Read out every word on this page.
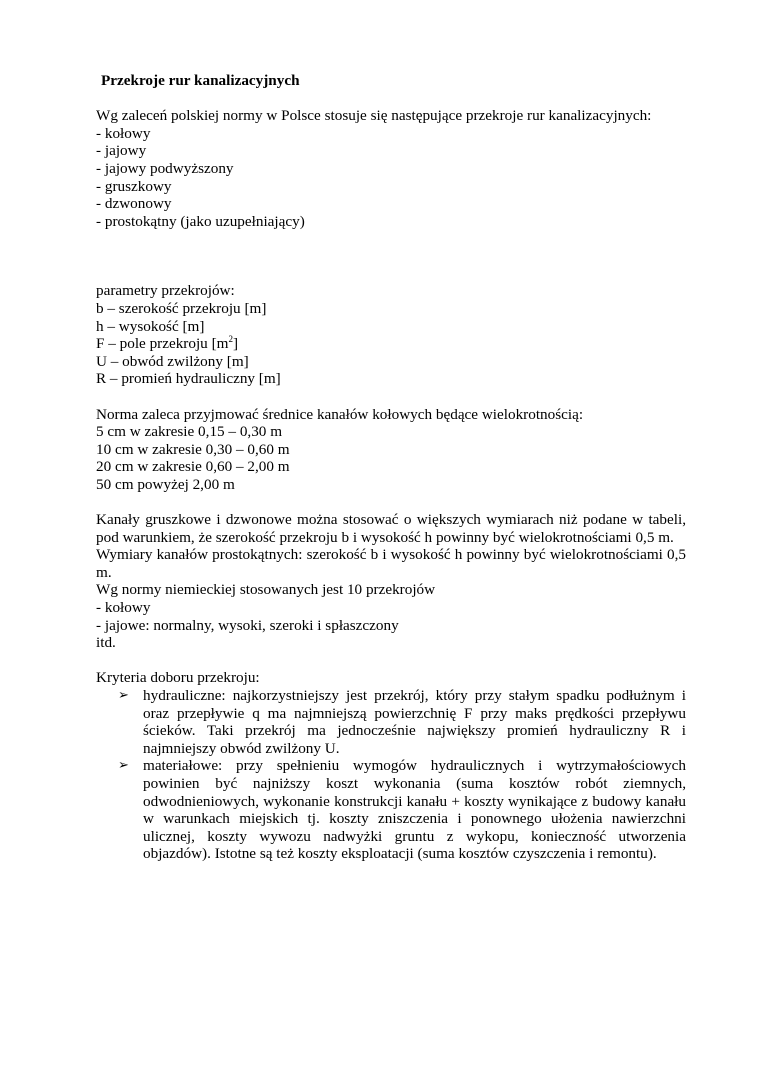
Przekroje rur kanalizacyjnych
Wg zaleceń polskiej normy w Polsce stosuje się następujące przekroje rur kanalizacyjnych:
- kołowy
- jajowy
- jajowy podwyższony
- gruszkowy
- dzwonowy
- prostokątny (jako uzupełniający)
parametry przekrojów:
b – szerokość przekroju [m]
h – wysokość [m]
F – pole przekroju $[m^2]$
U – obwód zwilżony [m]
R – promień hydrauliczny [m]
Norma zaleca przyjmować średnice kanałów kołowych będące wielokrotnością:
5 cm w zakresie 0,15 – 0,30 m
10 cm w zakresie 0,30 – 0,60 m
20 cm w zakresie 0,60 – 2,00 m
50 cm powyżej 2,00 m
Kanały gruszkowe i dzwonowe można stosować o większych wymiarach niż podane w tabeli, pod warunkiem, że szerokość przekroju b i wysokość h powinny być wielokrotnościami 0,5 m.
Wymiary kanałów prostokątnych: szerokość b i wysokość h powinny być wielokrotnościami 0,5 m.
Wg normy niemieckiej stosowanych jest 10 przekrojów
- kołowy
- jajowe: normalny, wysoki, szeroki i spłaszczony
itd.
Kryteria doboru przekroju:
➢ hydrauliczne: najkorzystniejszy jest przekrój, który przy stałym spadku podłużnym i oraz przepływie q ma najmniejszą powierzchnię F przy maks prędkości przepływu ścieków. Taki przekrój ma jednocześnie największy promień hydrauliczny R i najmniejszy obwód zwilżony U.
➢ materiałowe: przy spełnieniu wymogów hydraulicznych i wytrzymałościowych powinien być najniższy koszt wykonania (suma kosztów robót ziemnych, odwodnieniowych, wykonanie konstrukcji kanału + koszty wynikające z budowy kanału w warunkach miejskich tj. koszty zniszczenia i ponownego ułożenia nawierzchni ulicznej, koszty wywozu nadwyżki gruntu z wykopu, konieczność utworzenia objazdów). Istotne są też koszty eksploatacji (suma kosztów czyszczenia i remontu).
